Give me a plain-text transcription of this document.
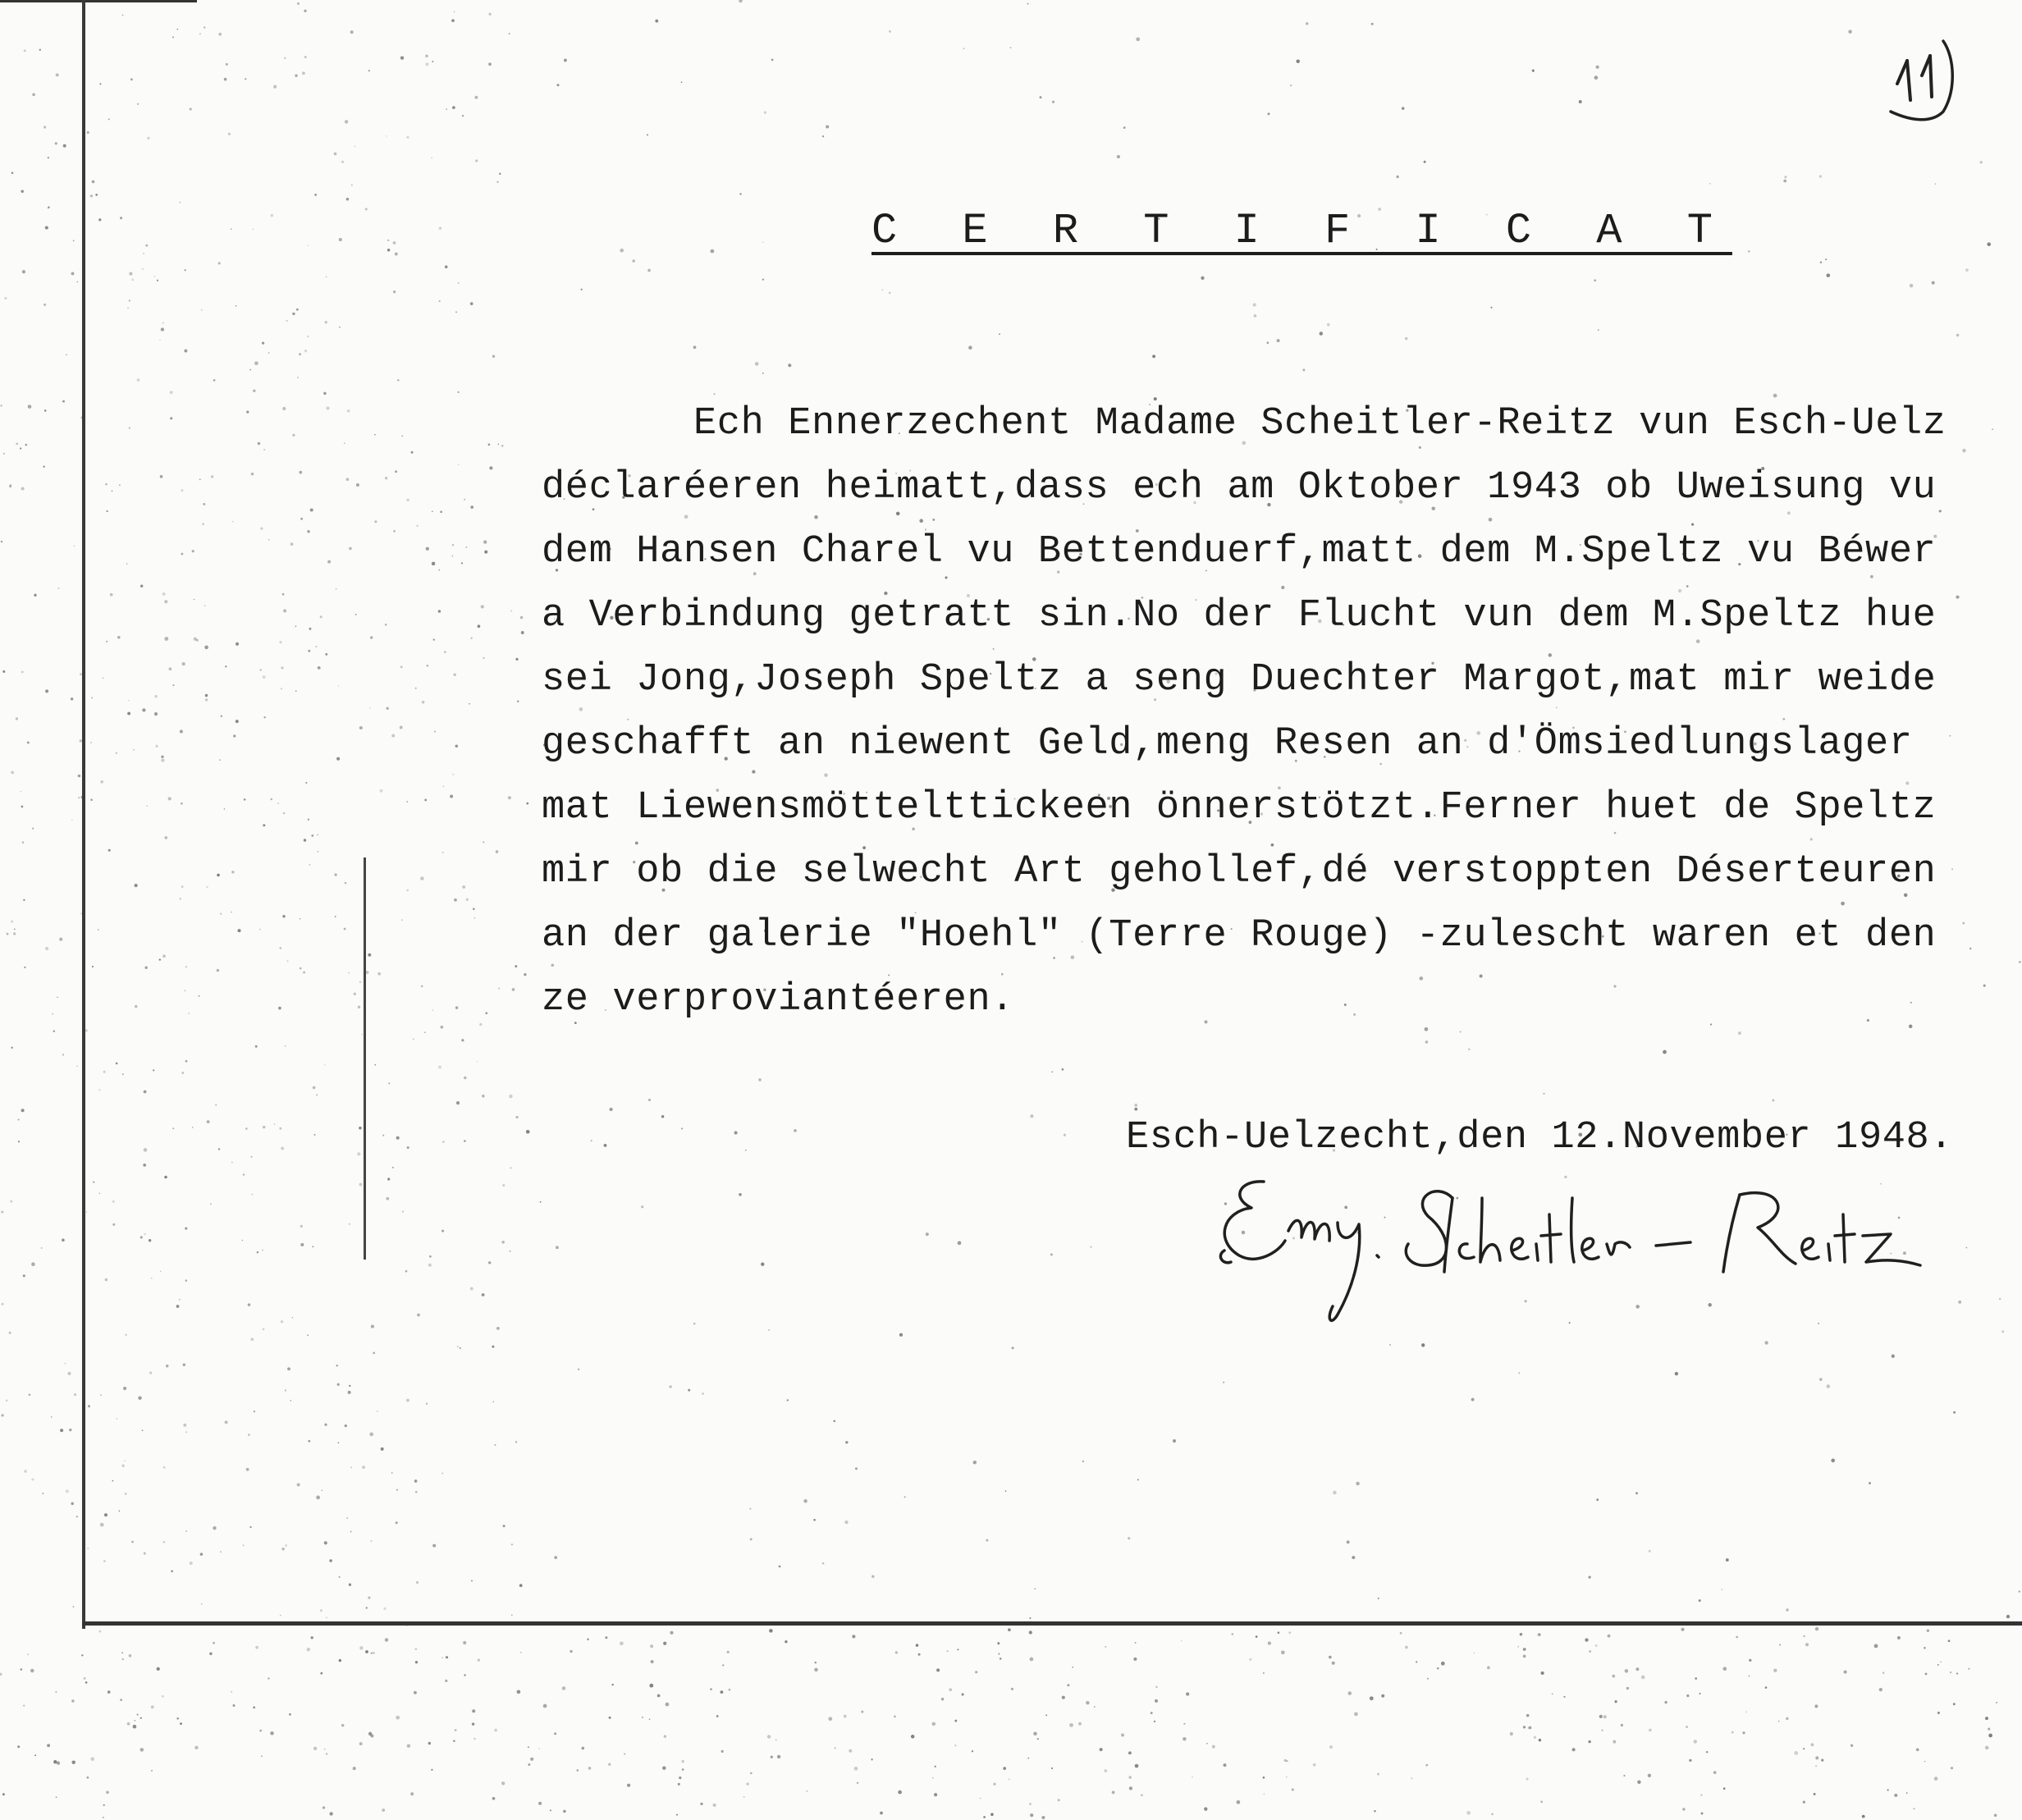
C E R T I F I C A T
Ech Ennerzechent Madame Scheitler-Reitz vun Esch-Uelz
déclaréeren heimatt,dass ech am Oktober 1943 ob Uweisung vu
dem Hansen Charel vu Bettenduerf,matt dem M.Speltz vu Béwer
a Verbindung getratt sin.No der Flucht vun dem M.Speltz hue
sei Jong,Joseph Speltz a seng Duechter Margot,mat mir weide
geschafft an niewent Geld,meng Resen an d'Ömsiedlungslager
mat Liewensmöttelttickeen önnerstötzt.Ferner huet de Speltz
mir ob die selwecht Art gehollef,dé verstoppten Déserteuren
an der galerie "Hoehl" (Terre Rouge) -zulescht waren et den
ze verproviantéeren.
Esch-Uelzecht,den 12.November 1948.
